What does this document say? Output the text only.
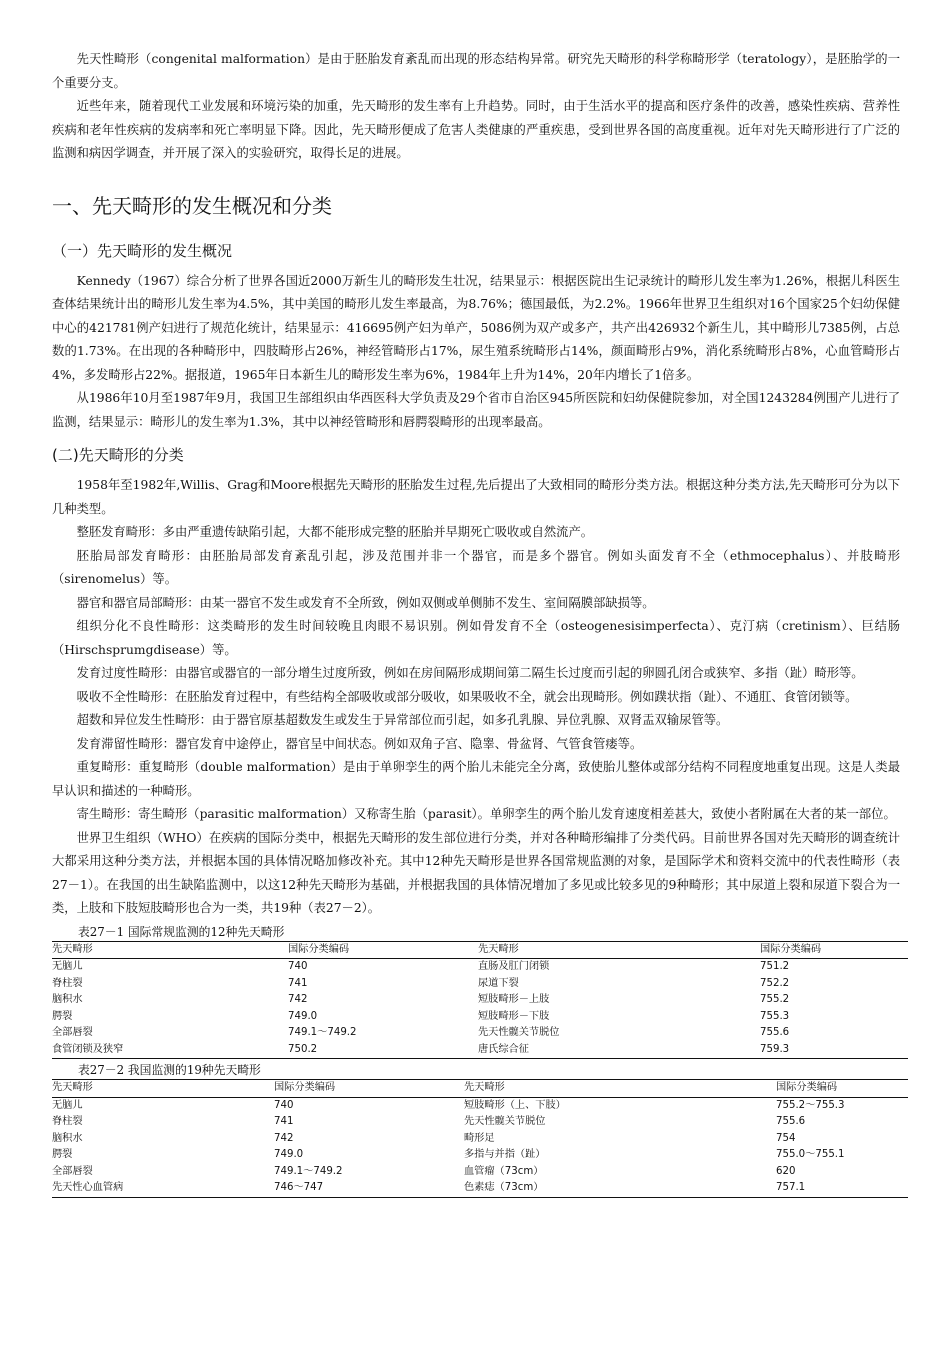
先天性畸形（congenital malformation）是由于胚胎发育紊乱而出现的形态结构异常。研究先天畸形的科学称畸形学（teratology），是胚胎学的一个重要分支。

近些年来，随着现代工业发展和环境污染的加重，先天畸形的发生率有上升趋势。同时，由于生活水平的提高和医疗条件的改善，感染性疾病、营养性疾病和老年性疾病的发病率和死亡率明显下降。因此，先天畸形便成了危害人类健康的严重疾患，受到世界各国的高度重视。近年对先天畸形进行了广泛的监测和病因学调查，并开展了深入的实验研究，取得长足的进展。

一、先天畸形的发生概况和分类
（一）先天畸形的发生概况

Kennedy（1967）综合分析了世界各国近2000万新生儿的畸形发生壮况，结果显示：根据医院出生记录统计的畸形儿发生率为1.26%，根据儿科医生查体结果统计出的畸形儿发生率为4.5%，其中美国的畸形儿发生率最高，为8.76%；德国最低，为2.2%。1966年世界卫生组织对16个国家25个妇幼保健中心的421781例产妇进行了规范化统计，结果显示：416695例产妇为单产，5086例为双产或多产，共产出426932个新生儿，其中畸形儿7385例，占总数的1.73%。在出现的各种畸形中，四肢畸形占26%，神经管畸形占17%，尿生殖系统畸形占14%，颜面畸形占9%，消化系统畸形占8%，心血管畸形占4%，多发畸形占22%。据报道，1965年日本新生儿的畸形发生率为6%，1984年上升为14%，20年内增长了1倍多。

从1986年10月至1987年9月，我国卫生部组织由华西医科大学负责及29个省市自治区945所医院和妇幼保健院参加，对全国1243284例围产儿进行了监测，结果显示：畸形儿的发生率为1.3%，其中以神经管畸形和唇腭裂畸形的出现率最高。

(二)先天畸形的分类

1958年至1982年,Willis、Grag和Moore根据先天畸形的胚胎发生过程,先后提出了大致相同的畸形分类方法。根据这种分类方法,先天畸形可分为以下几种类型。

整胚发育畸形：多由严重遗传缺陷引起，大都不能形成完整的胚胎并早期死亡吸收或自然流产。

胚胎局部发育畸形：由胚胎局部发育紊乱引起，涉及范围并非一个器官，而是多个器官。例如头面发育不全（ethmocephalus）、并肢畸形（sirenomelus）等。

器官和器官局部畸形：由某一器官不发生或发育不全所致，例如双侧或单侧肺不发生、室间隔膜部缺损等。

组织分化不良性畸形：这类畸形的发生时间较晚且肉眼不易识别。例如骨发育不全（osteogenesisimperfecta）、克汀病（cretinism）、巨结肠（Hirschsprumgdisease）等。

发育过度性畸形：由器官或器官的一部分增生过度所致，例如在房间隔形成期间第二隔生长过度而引起的卵圆孔闭合或狭窄、多指（趾）畸形等。

吸收不全性畸形：在胚胎发育过程中，有些结构全部吸收或部分吸收，如果吸收不全，就会出现畸形。例如蹼状指（趾）、不通肛、食管闭锁等。

超数和异位发生性畸形：由于器官原基超数发生或发生于异常部位而引起，如多孔乳腺、异位乳腺、双肾盂双输尿管等。

发育滞留性畸形：器官发育中途停止，器官呈中间状态。例如双角子宫、隐睾、骨盆肾、气管食管瘘等。

重复畸形：重复畸形（double malformation）是由于单卵孪生的两个胎儿未能完全分离，致使胎儿整体或部分结构不同程度地重复出现。这是人类最早认识和描述的一种畸形。

寄生畸形：寄生畸形（parasitic malformation）又称寄生胎（parasit）。单卵孪生的两个胎儿发育速度相差甚大，致使小者附属在大者的某一部位。

世界卫生组织（WHO）在疾病的国际分类中，根据先天畸形的发生部位进行分类，并对各种畸形编排了分类代码。目前世界各国对先天畸形的调查统计大都采用这种分类方法，并根据本国的具体情况略加修改补充。其中12种先天畸形是世界各国常规监测的对象，是国际学术和资料交流中的代表性畸形（表27－1）。在我国的出生缺陷监测中，以这12种先天畸形为基础，并根据我国的具体情况增加了多见或比较多见的9种畸形；其中尿道上裂和尿道下裂合为一类，上肢和下肢短肢畸形也合为一类，共19种（表27－2）。

表27－1 国际常规监测的12种先天畸形
先天畸形	国际分类编码	先天畸形	国际分类编码
无脑儿	740	直肠及肛门闭锁	751.2
脊柱裂	741	尿道下裂	752.2
脑积水	742	短肢畸形－上肢	755.2
腭裂	749.0	短肢畸形－下肢	755.3
全部唇裂	749.1～749.2	先天性髋关节脱位	755.6
食管闭锁及狭窄	750.2	唐氏综合征	759.3
表27－2 我国监测的19种先天畸形
先天畸形	国际分类编码	先天畸形	国际分类编码
无脑儿	740	短肢畸形（上、下肢）	755.2～755.3
脊柱裂	741	先天性髋关节脱位	755.6
脑积水	742	畸形足	754
腭裂	749.0	多指与并指（趾）	755.0～755.1
全部唇裂	749.1～749.2	血管瘤（73cm）	620
先天性心血管病	746～747	色素痣（73cm）	757.1
